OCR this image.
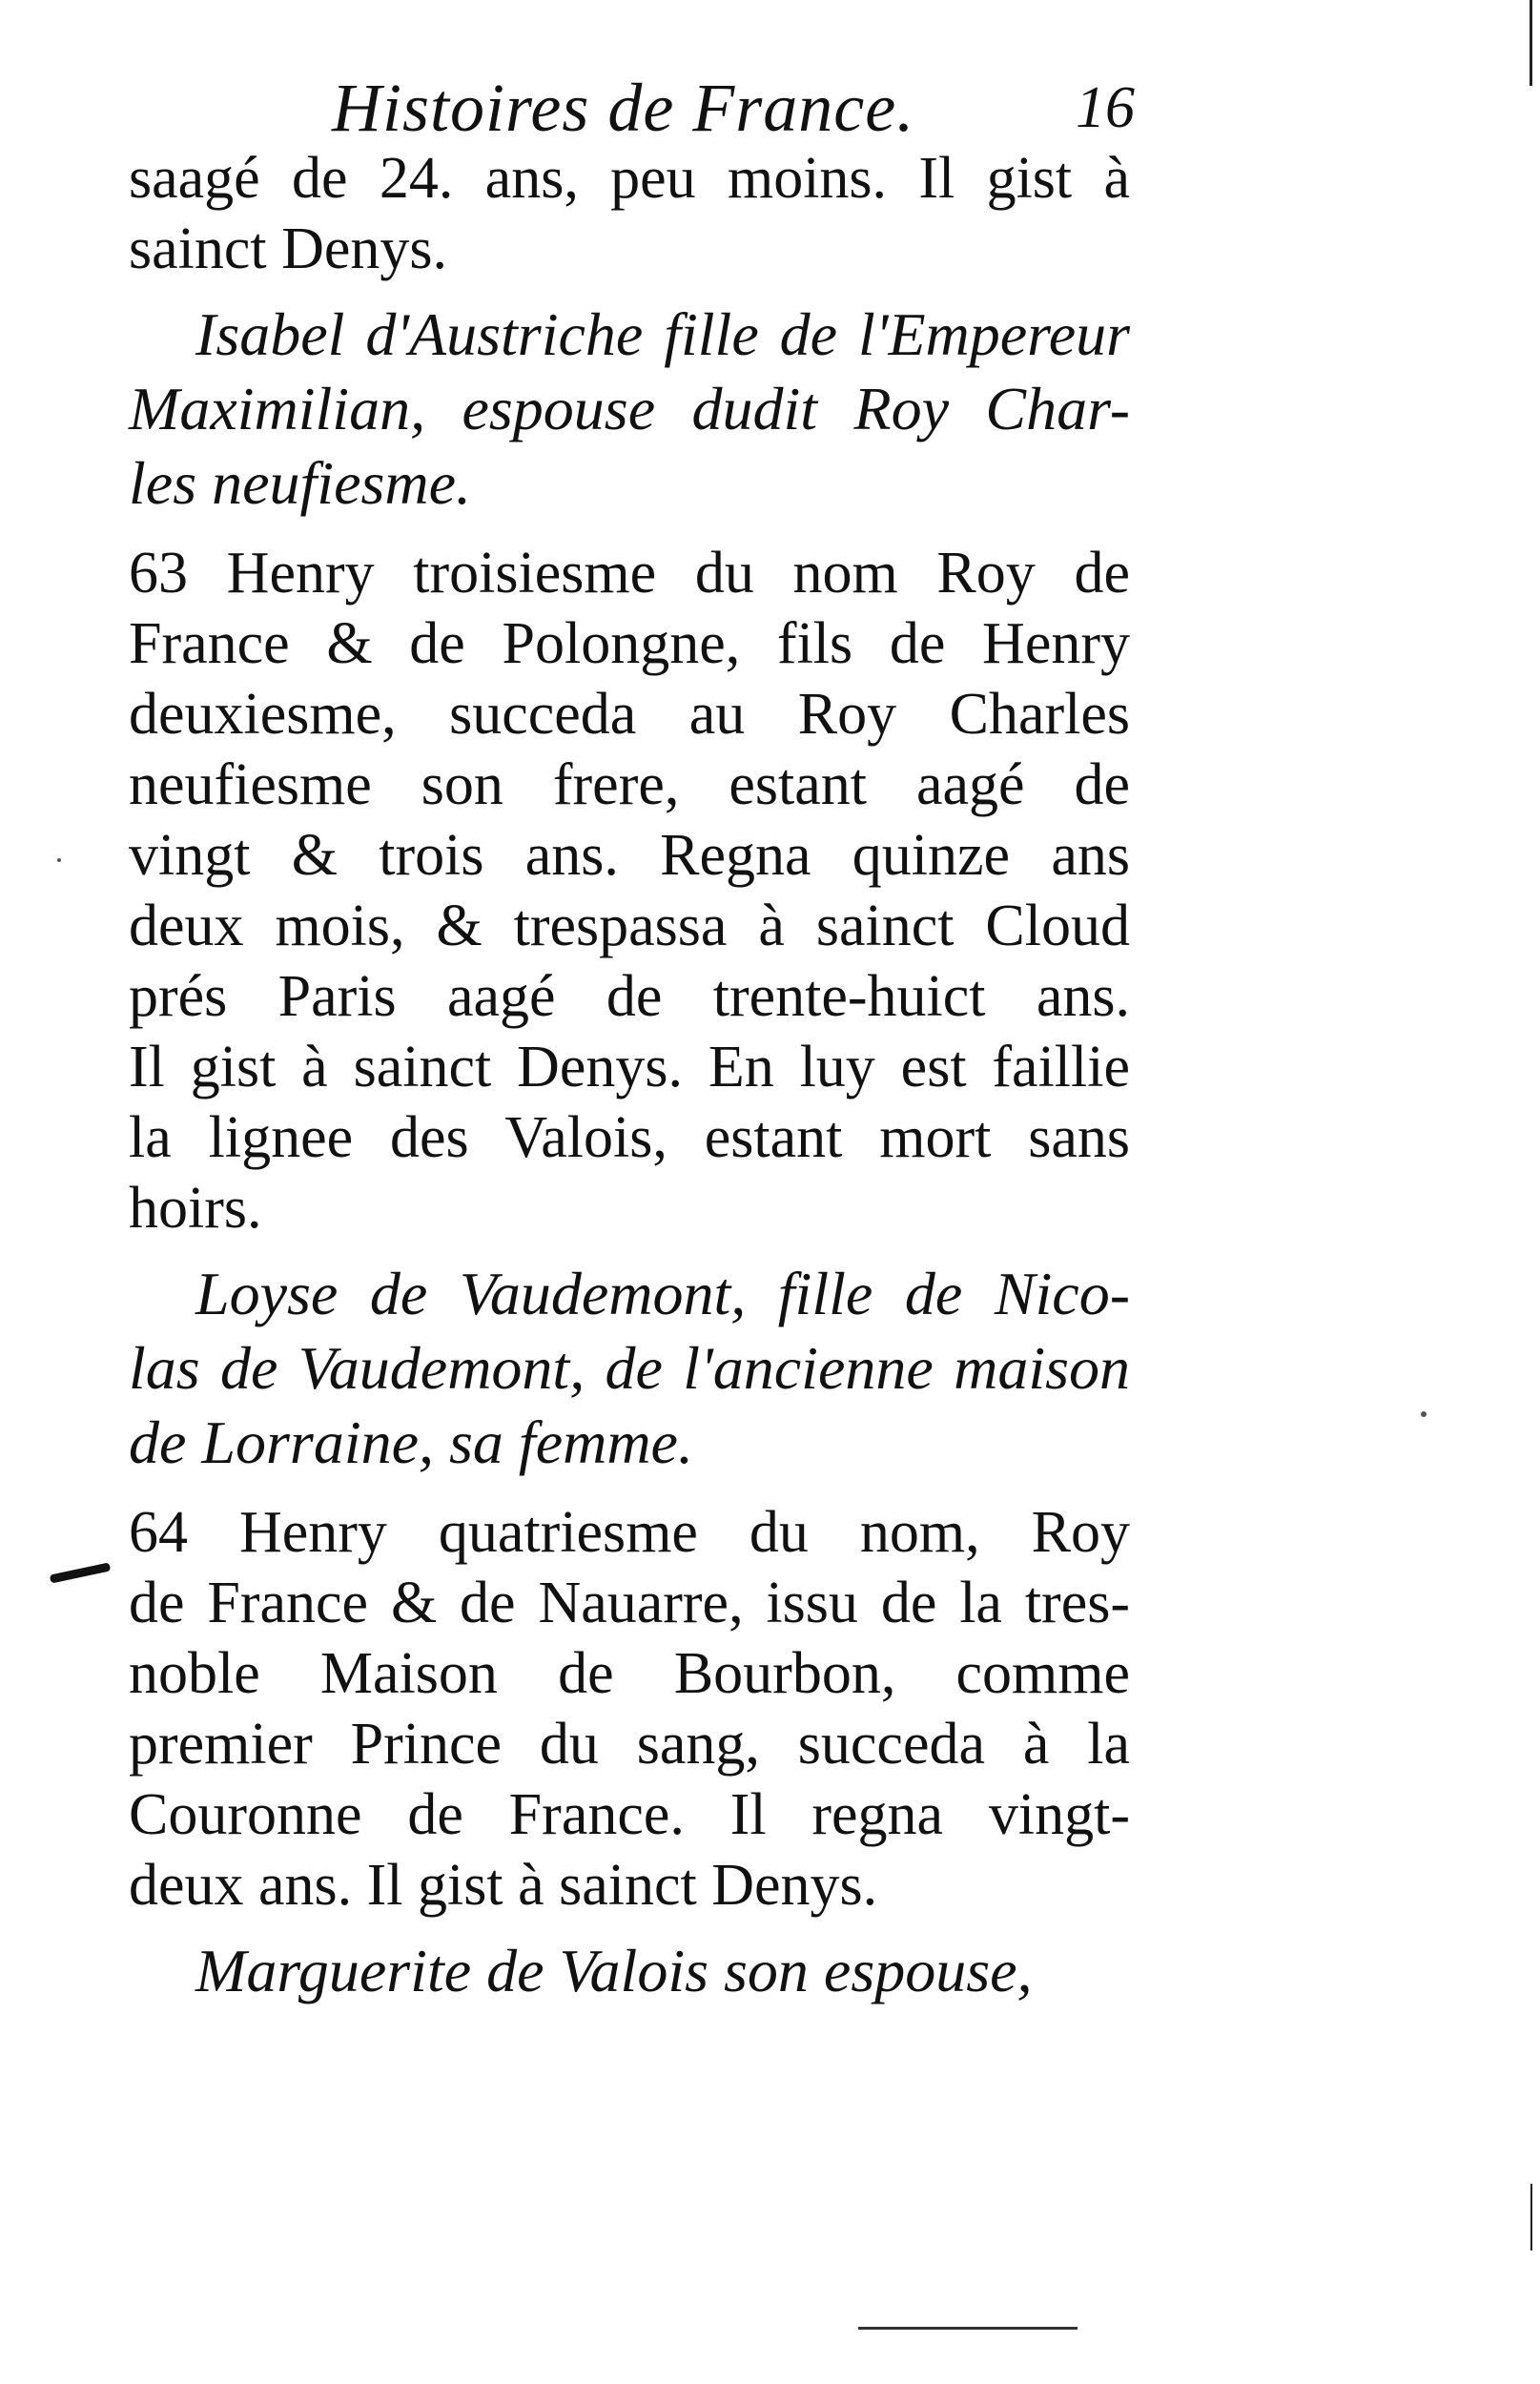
Histoires de France.	16
saagé de 24. ans, peu moins. Il gist à
sainct Denys.
Isabel d'Austriche fille de l'Empereur
Maximilian, espouse dudit Roy Char-
les neufiesme.
63 Henry troisiesme du nom Roy de
France & de Polongne, fils de Henry
deuxiesme, succeda au Roy Charles
neufiesme son frere, estant aagé de
vingt & trois ans. Regna quinze ans
deux mois, & trespassa à sainct Cloud
prés Paris aagé de trente-huict ans.
Il gist à sainct Denys. En luy est faillie
la lignee des Valois, estant mort sans
hoirs.
Loyse de Vaudemont, fille de Nico-
las de Vaudemont, de l'ancienne maison
de Lorraine, sa femme.
64 Henry quatriesme du nom, Roy
de France & de Nauarre, issu de la tres-
noble Maison de Bourbon, comme
premier Prince du sang, succeda à la
Couronne de France. Il regna vingt-
deux ans. Il gist à sainct Denys.
Marguerite de Valois son espouse,
